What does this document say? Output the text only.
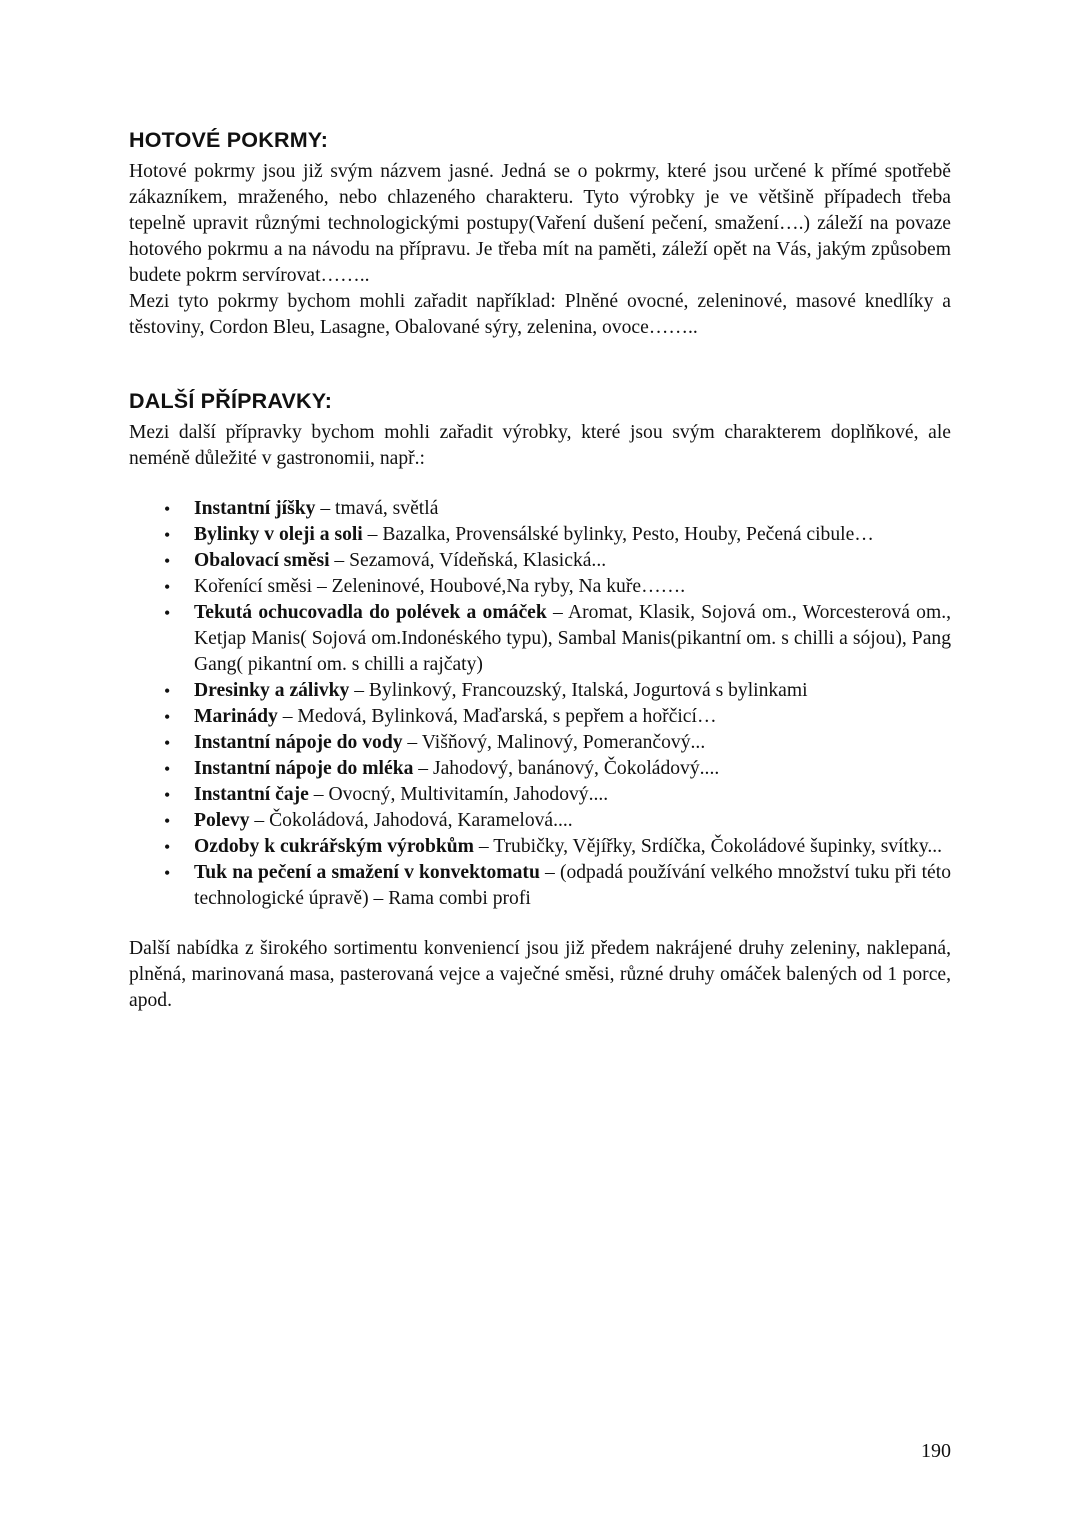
HOTOVÉ POKRMY:

Hotové pokrmy jsou již svým názvem jasné. Jedná se o pokrmy, které jsou určené k přímé spotřebě zákazníkem, mraženého, nebo chlazeného charakteru. Tyto výrobky je ve většině případech třeba tepelně upravit různými technologickými postupy(Vaření dušení pečení, smažení….) záleží na povaze hotového pokrmu a na návodu na přípravu. Je třeba mít na paměti, záleží opět na Vás, jakým způsobem budete pokrm servírovat……..

Mezi tyto pokrmy bychom mohli zařadit například: Plněné ovocné, zeleninové, masové knedlíky a těstoviny, Cordon Bleu, Lasagne, Obalované sýry, zelenina, ovoce……..

DALŠÍ PŘÍPRAVKY:

Mezi další přípravky bychom mohli zařadit výrobky, které jsou svým charakterem doplňkové, ale neméně důležité v gastronomii, např.:

• Instantní jíšky – tmavá, světlá
• Bylinky v oleji a soli – Bazalka, Provensálské bylinky, Pesto, Houby, Pečená cibule…
• Obalovací směsi – Sezamová, Vídeňská, Klasická...
• Kořenící směsi – Zeleninové, Houbové,Na ryby, Na kuře…….
• Tekutá ochucovadla do polévek a omáček – Aromat, Klasik, Sojová om., Worcesterová om., Ketjap Manis( Sojová om.Indonéského typu), Sambal Manis(pikantní om. s chilli a sójou), Pang Gang( pikantní om. s chilli a rajčaty)
• Dresinky a zálivky – Bylinkový, Francouzský, Italská, Jogurtová s bylinkami
• Marinády – Medová, Bylinková, Maďarská, s pepřem a hořčicí…
• Instantní nápoje do vody – Višňový, Malinový, Pomerančový...
• Instantní nápoje do mléka – Jahodový, banánový, Čokoládový....
• Instantní čaje – Ovocný, Multivitamín, Jahodový....
• Polevy – Čokoládová, Jahodová, Karamelová....
• Ozdoby k cukrářským výrobkům – Trubičky, Vějířky, Srdíčka, Čokoládové šupinky, svítky...
• Tuk na pečení a smažení v konvektomatu – (odpadá používání velkého množství tuku při této technologické úpravě) – Rama combi profi

Další nabídka z širokého sortimentu konveniencí jsou již předem nakrájené druhy zeleniny, naklepaná, plněná, marinovaná masa, pasterovaná vejce a vaječné směsi, různé druhy omáček balených od 1 porce, apod.

190
